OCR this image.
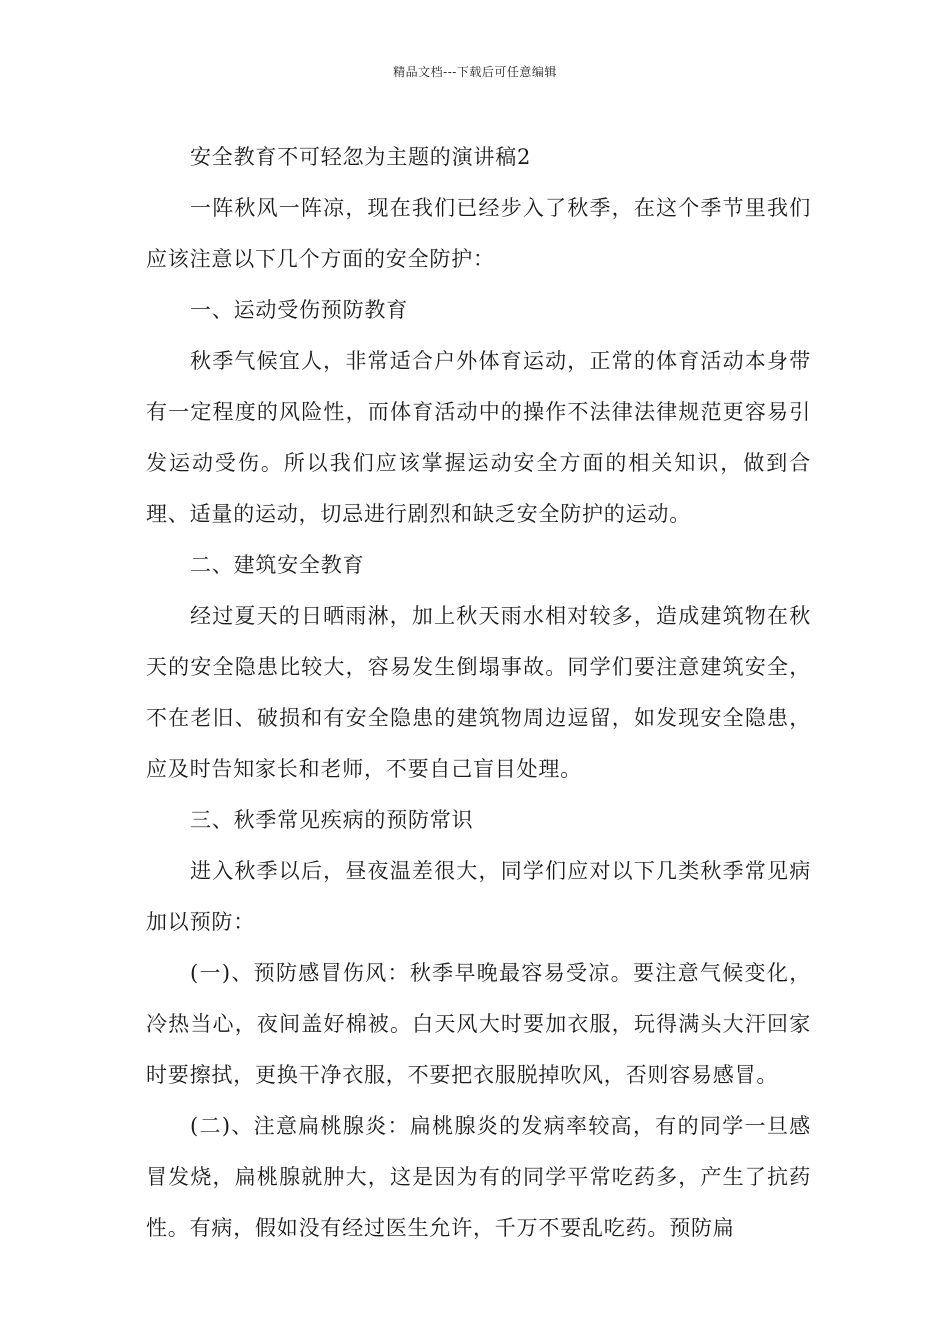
精品文档---下载后可任意编辑

安全教育不可轻忽为主题的演讲稿2

一阵秋风一阵凉，现在我们已经步入了秋季，在这个季节里我们应该注意以下几个方面的安全防护：

一、运动受伤预防教育

秋季气候宜人，非常适合户外体育运动，正常的体育活动本身带有一定程度的风险性，而体育活动中的操作不法律法律规范更容易引发运动受伤。所以我们应该掌握运动安全方面的相关知识，做到合理、适量的运动，切忌进行剧烈和缺乏安全防护的运动。

二、建筑安全教育

经过夏天的日晒雨淋，加上秋天雨水相对较多，造成建筑物在秋天的安全隐患比较大，容易发生倒塌事故。同学们要注意建筑安全，不在老旧、破损和有安全隐患的建筑物周边逗留，如发现安全隐患，应及时告知家长和老师，不要自己盲目处理。

三、秋季常见疾病的预防常识

进入秋季以后，昼夜温差很大，同学们应对以下几类秋季常见病加以预防：

(一)、预防感冒伤风：秋季早晚最容易受凉。要注意气候变化，冷热当心，夜间盖好棉被。白天风大时要加衣服，玩得满头大汗回家时要擦拭，更换干净衣服，不要把衣服脱掉吹风，否则容易感冒。

(二)、注意扁桃腺炎：扁桃腺炎的发病率较高，有的同学一旦感冒发烧，扁桃腺就肿大，这是因为有的同学平常吃药多，产生了抗药性。有病，假如没有经过医生允许，千万不要乱吃药。预防扁
